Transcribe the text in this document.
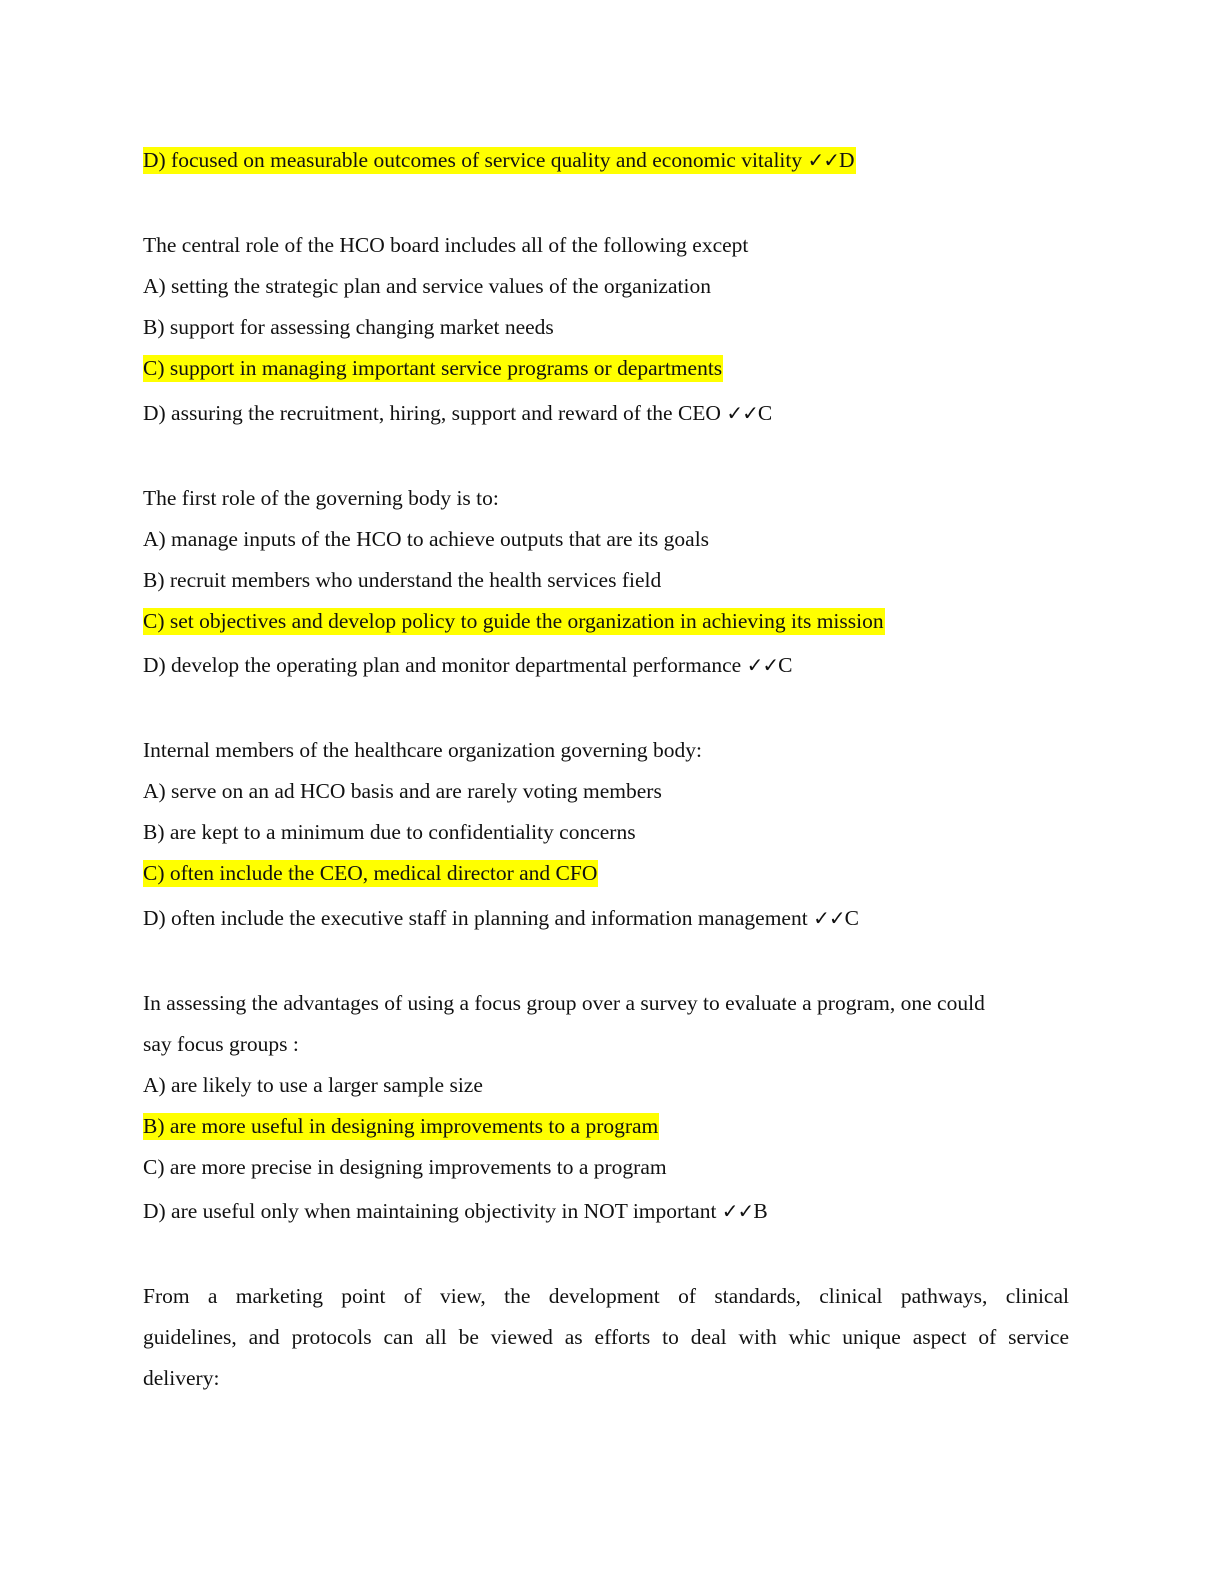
D) focused on measurable outcomes of service quality and economic vitality ✓✓D
The central role of the HCO board includes all of the following except
A) setting the strategic plan and service values of the organization
B) support for assessing changing market needs
C) support in managing important service programs or departments
D) assuring the recruitment, hiring, support and reward of the CEO ✓✓C
The first role of the governing body is to:
A) manage inputs of the HCO to achieve outputs that are its goals
B) recruit members who understand the health services field
C) set objectives and develop policy to guide the organization in achieving its mission
D) develop the operating plan and monitor departmental performance ✓✓C
Internal members of the healthcare organization governing body:
A) serve on an ad HCO basis and are rarely voting members
B) are kept to a minimum due to confidentiality concerns
C) often include the CEO, medical director and CFO
D) often include the executive staff in planning and information management ✓✓C
In assessing the advantages of using a focus group over a survey to evaluate a program, one could
say focus groups :
A) are likely to use a larger sample size
B) are more useful in designing improvements to a program
C) are more precise in designing improvements to a program
D) are useful only when maintaining objectivity in NOT important ✓✓B
From a marketing point of view, the development of standards, clinical pathways, clinical
guidelines, and protocols can all be viewed as efforts to deal with whic unique aspect of service
delivery:
